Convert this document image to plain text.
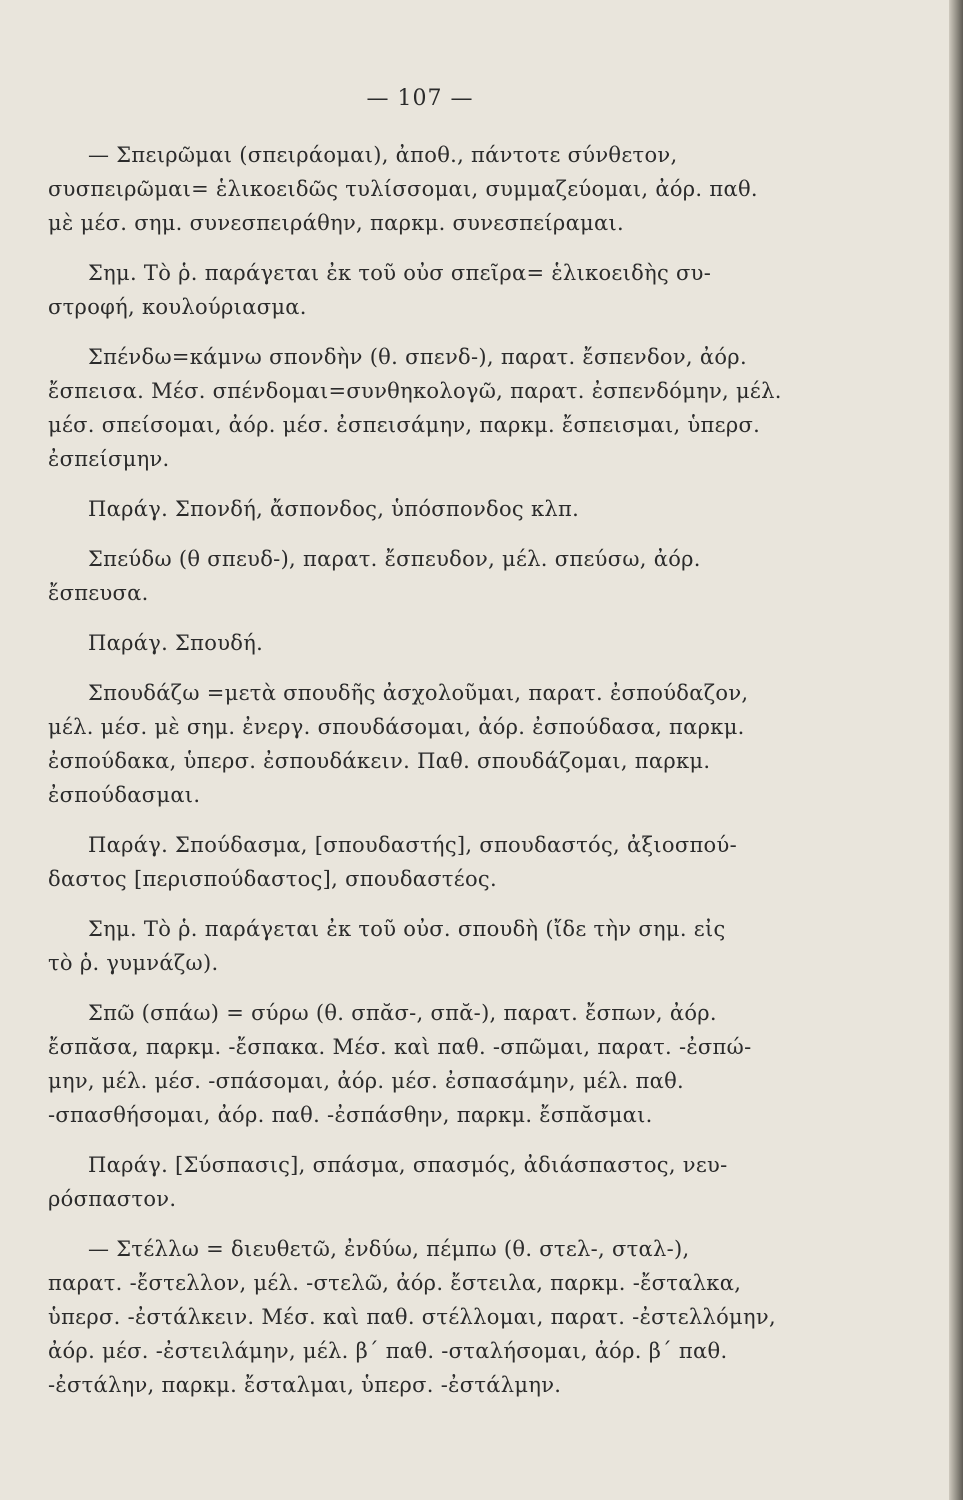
— 107 —
— Σπειρῶμαι (σπειράομαι), ἀποθ., πάντοτε σύνθετον,
συσπειρῶμαι= ἑλικοειδῶς τυλίσσομαι, συμμαζεύομαι, ἀόρ. παθ.
μὲ μέσ. σημ. συνεσπειράθην, παρκμ. συνεσπείραμαι.
Σημ. Τὸ ῥ. παράγεται ἐκ τοῦ οὐσ σπεῖρα= ἑλικοειδὴς συ-
στροφή, κουλούριασμα.
Σπένδω=κάμνω σπονδὴν (θ. σπενδ-), παρατ. ἔσπενδον, ἀόρ.
ἔσπεισα. Μέσ. σπένδομαι=συνθηκολογῶ, παρατ. ἐσπενδόμην, μέλ.
μέσ. σπείσομαι, ἀόρ. μέσ. ἐσπεισάμην, παρκμ. ἔσπεισμαι, ὑπερσ.
ἐσπείσμην.
Παράγ. Σπονδή, ἄσπονδος, ὑπόσπονδος κλπ.
Σπεύδω (θ σπευδ-), παρατ. ἔσπευδον, μέλ. σπεύσω, ἀόρ.
ἔσπευσα.
Παράγ. Σπουδή.
Σπουδάζω =μετὰ σπουδῆς ἀσχολοῦμαι, παρατ. ἐσπούδαζον,
μέλ. μέσ. μὲ σημ. ἐνεργ. σπουδάσομαι, ἀόρ. ἐσπούδασα, παρκμ.
ἐσπούδακα, ὑπερσ. ἐσπουδάκειν. Παθ. σπουδάζομαι, παρκμ.
ἐσπούδασμαι.
Παράγ. Σπούδασμα, [σπουδαστής], σπουδαστός, ἀξιοσπού-
δαστος [περισπούδαστος], σπουδαστέος.
Σημ. Τὸ ῥ. παράγεται ἐκ τοῦ οὐσ. σπουδὴ (ἴδε τὴν σημ. εἰς
τὸ ῥ. γυμνάζω).
Σπῶ (σπάω) = σύρω (θ. σπᾰσ-, σπᾰ-), παρατ. ἔσπων, ἀόρ.
ἔσπᾰσα, παρκμ. -ἔσπακα. Μέσ. καὶ παθ. -σπῶμαι, παρατ. -ἐσπώ-
μην, μέλ. μέσ. -σπάσομαι, ἀόρ. μέσ. ἐσπασάμην, μέλ. παθ.
-σπασθήσομαι, ἀόρ. παθ. -ἐσπάσθην, παρκμ. ἔσπᾰσμαι.
Παράγ. [Σύσπασις], σπάσμα, σπασμός, ἀδιάσπαστος, νευ-
ρόσπαστον.
— Στέλλω = διευθετῶ, ἐνδύω, πέμπω (θ. στελ-, σταλ-),
παρατ. -ἔστελλον, μέλ. -στελῶ, ἀόρ. ἔστειλα, παρκμ. -ἔσταλκα,
ὑπερσ. -ἐστάλκειν. Μέσ. καὶ παθ. στέλλομαι, παρατ. -ἐστελλόμην,
ἀόρ. μέσ. -ἐστειλάμην, μέλ. β΄ παθ. -σταλήσομαι, ἀόρ. β΄ παθ.
-ἐστάλην, παρκμ. ἔσταλμαι, ὑπερσ. -ἐστάλμην.
